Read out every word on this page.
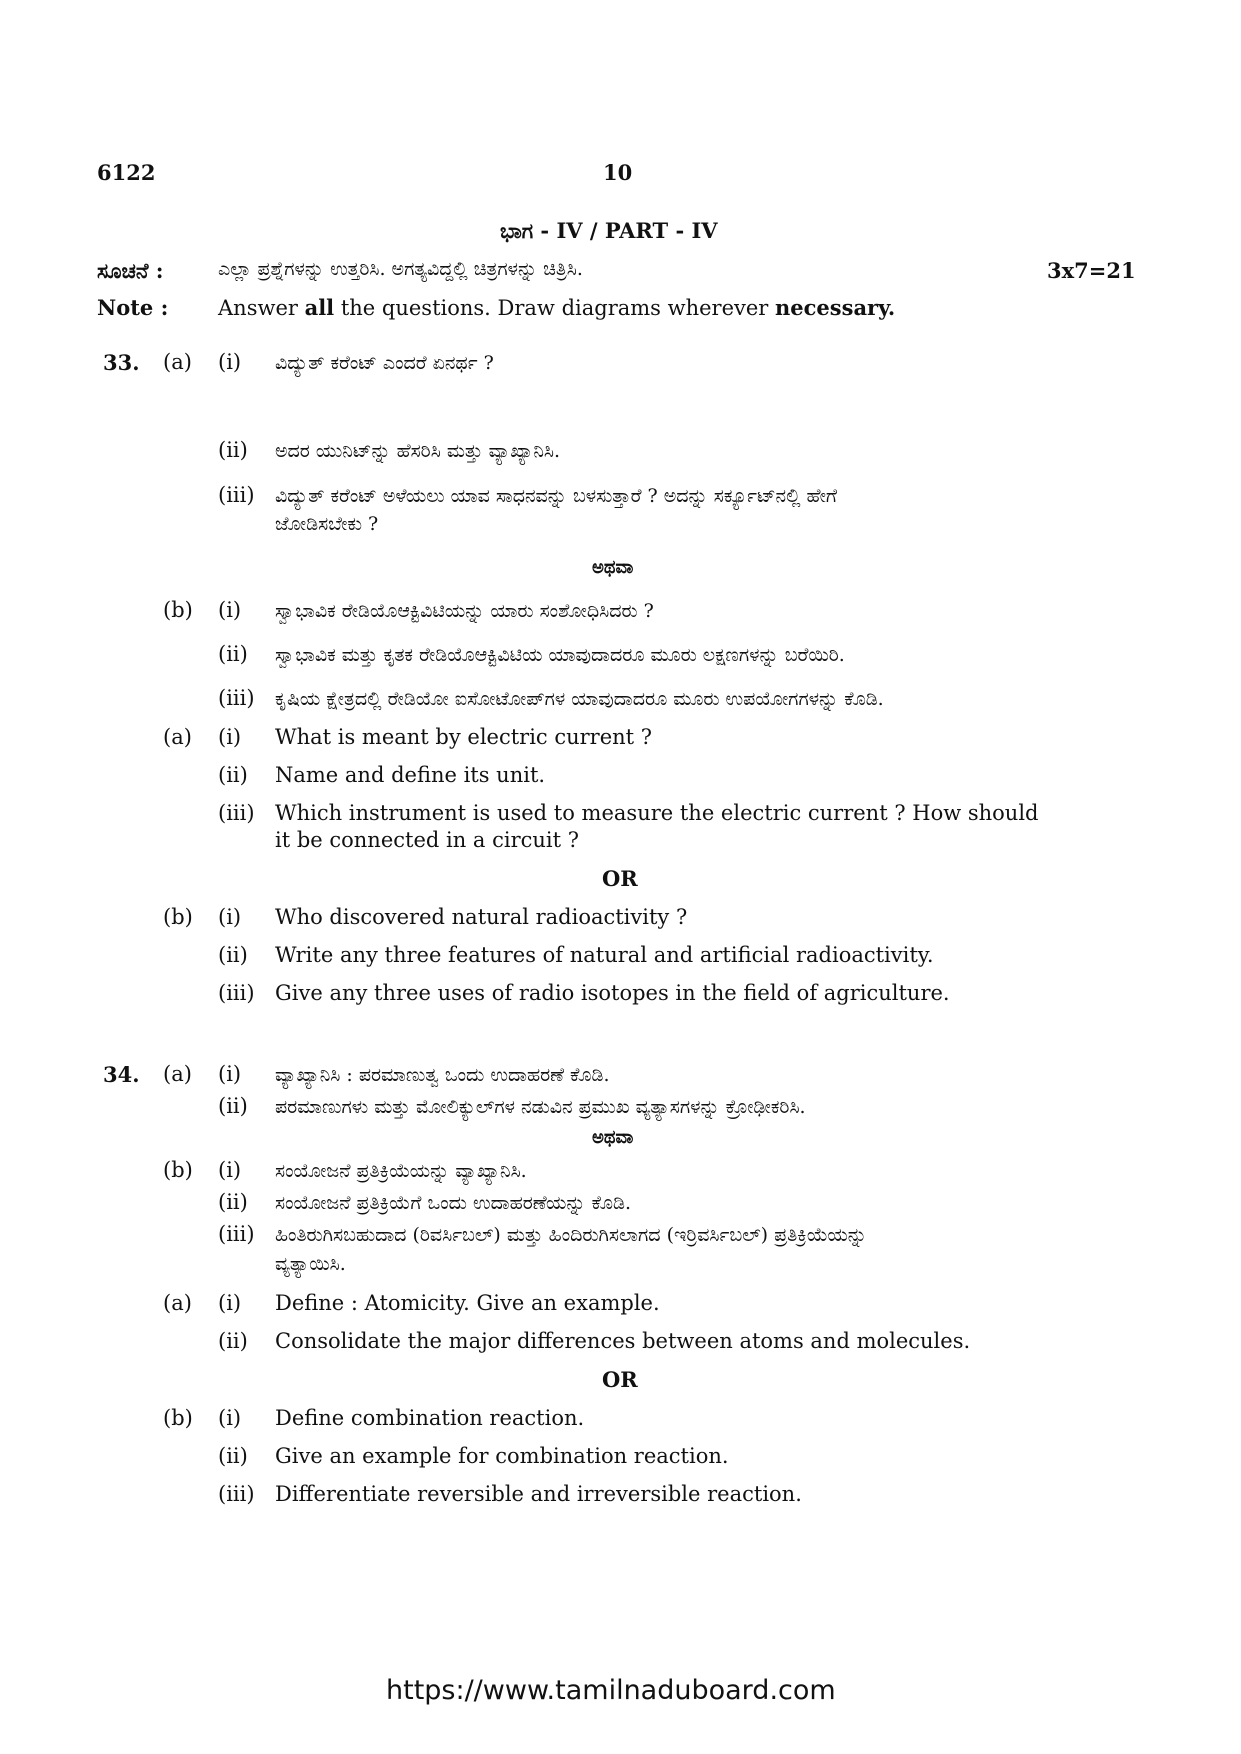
6122	10
ಭಾಗ - IV / PART - IV
ಸೂಚನೆ :	ಎಲ್ಲಾ ಪ್ರಶ್ನೆಗಳನ್ನು ಉತ್ತರಿಸಿ. ಅಗತ್ಯವಿದ್ದಲ್ಲಿ ಚಿತ್ರಗಳನ್ನು ಚಿತ್ರಿಸಿ.	3x7=21
Note : Answer all the questions. Draw diagrams wherever necessary.
33. (a) (i) ವಿದ್ಯುತ್ ಕರೆಂಟ್ ಎಂದರೆ ಏನರ್ಥ ?
(ii) ಅದರ ಯುನಿಟ್‌ನ್ನು ಹೆಸರಿಸಿ ಮತ್ತು ವ್ಯಾಖ್ಯಾನಿಸಿ.
(iii) ವಿದ್ಯುತ್ ಕರೆಂಟ್ ಅಳೆಯಲು ಯಾವ ಸಾಧನವನ್ನು ಬಳಸುತ್ತಾರೆ ? ಅದನ್ನು ಸರ್ಕ್ಯೂಟ್‌ನಲ್ಲಿ ಹೇಗೆ
ಜೋಡಿಸಬೇಕು ?
ಅಥವಾ
(b) (i) ಸ್ವಾಭಾವಿಕ ರೇಡಿಯೊಆಕ್ಟಿವಿಟಿಯನ್ನು ಯಾರು ಸಂಶೋಧಿಸಿದರು ?
(ii) ಸ್ವಾಭಾವಿಕ ಮತ್ತು ಕೃತಕ ರೇಡಿಯೊಆಕ್ಟಿವಿಟಿಯ ಯಾವುದಾದರೂ ಮೂರು ಲಕ್ಷಣಗಳನ್ನು ಬರೆಯಿರಿ.
(iii) ಕೃಷಿಯ ಕ್ಷೇತ್ರದಲ್ಲಿ ರೇಡಿಯೋ ಐಸೋಟೋಪ್‌ಗಳ ಯಾವುದಾದರೂ ಮೂರು ಉಪಯೋಗಗಳನ್ನು ಕೊಡಿ.
(a) (i) What is meant by electric current ?
(ii) Name and define its unit.
(iii) Which instrument is used to measure the electric current ? How should
it be connected in a circuit ?
OR
(b) (i) Who discovered natural radioactivity ?
(ii) Write any three features of natural and artificial radioactivity.
(iii) Give any three uses of radio isotopes in the field of agriculture.
34. (a) (i) ವ್ಯಾಖ್ಯಾನಿಸಿ : ಪರಮಾಣುತ್ವ ಒಂದು ಉದಾಹರಣೆ ಕೊಡಿ.
(ii) ಪರಮಾಣುಗಳು ಮತ್ತು ಮೋಲಿಕ್ಯುಲ್‌ಗಳ ನಡುವಿನ ಪ್ರಮುಖ ವ್ಯತ್ಯಾಸಗಳನ್ನು ಕ್ರೋಢೀಕರಿಸಿ.
ಅಥವಾ
(b) (i) ಸಂಯೋಜನೆ ಪ್ರತಿಕ್ರಿಯೆಯನ್ನು ವ್ಯಾಖ್ಯಾನಿಸಿ.
(ii) ಸಂಯೋಜನೆ ಪ್ರತಿಕ್ರಿಯೆಗೆ ಒಂದು ಉದಾಹರಣೆಯನ್ನು ಕೊಡಿ.
(iii) ಹಿಂತಿರುಗಿಸಬಹುದಾದ (ರಿವರ್ಸಿಬಲ್) ಮತ್ತು ಹಿಂದಿರುಗಿಸಲಾಗದ (ಇರ್ರಿವರ್ಸಿಬಲ್) ಪ್ರತಿಕ್ರಿಯೆಯನ್ನು
ವ್ಯತ್ಯಾಯಿಸಿ.
(a) (i) Define : Atomicity. Give an example.
(ii) Consolidate the major differences between atoms and molecules.
OR
(b) (i) Define combination reaction.
(ii) Give an example for combination reaction.
(iii) Differentiate reversible and irreversible reaction.
https://www.tamilnaduboard.com
